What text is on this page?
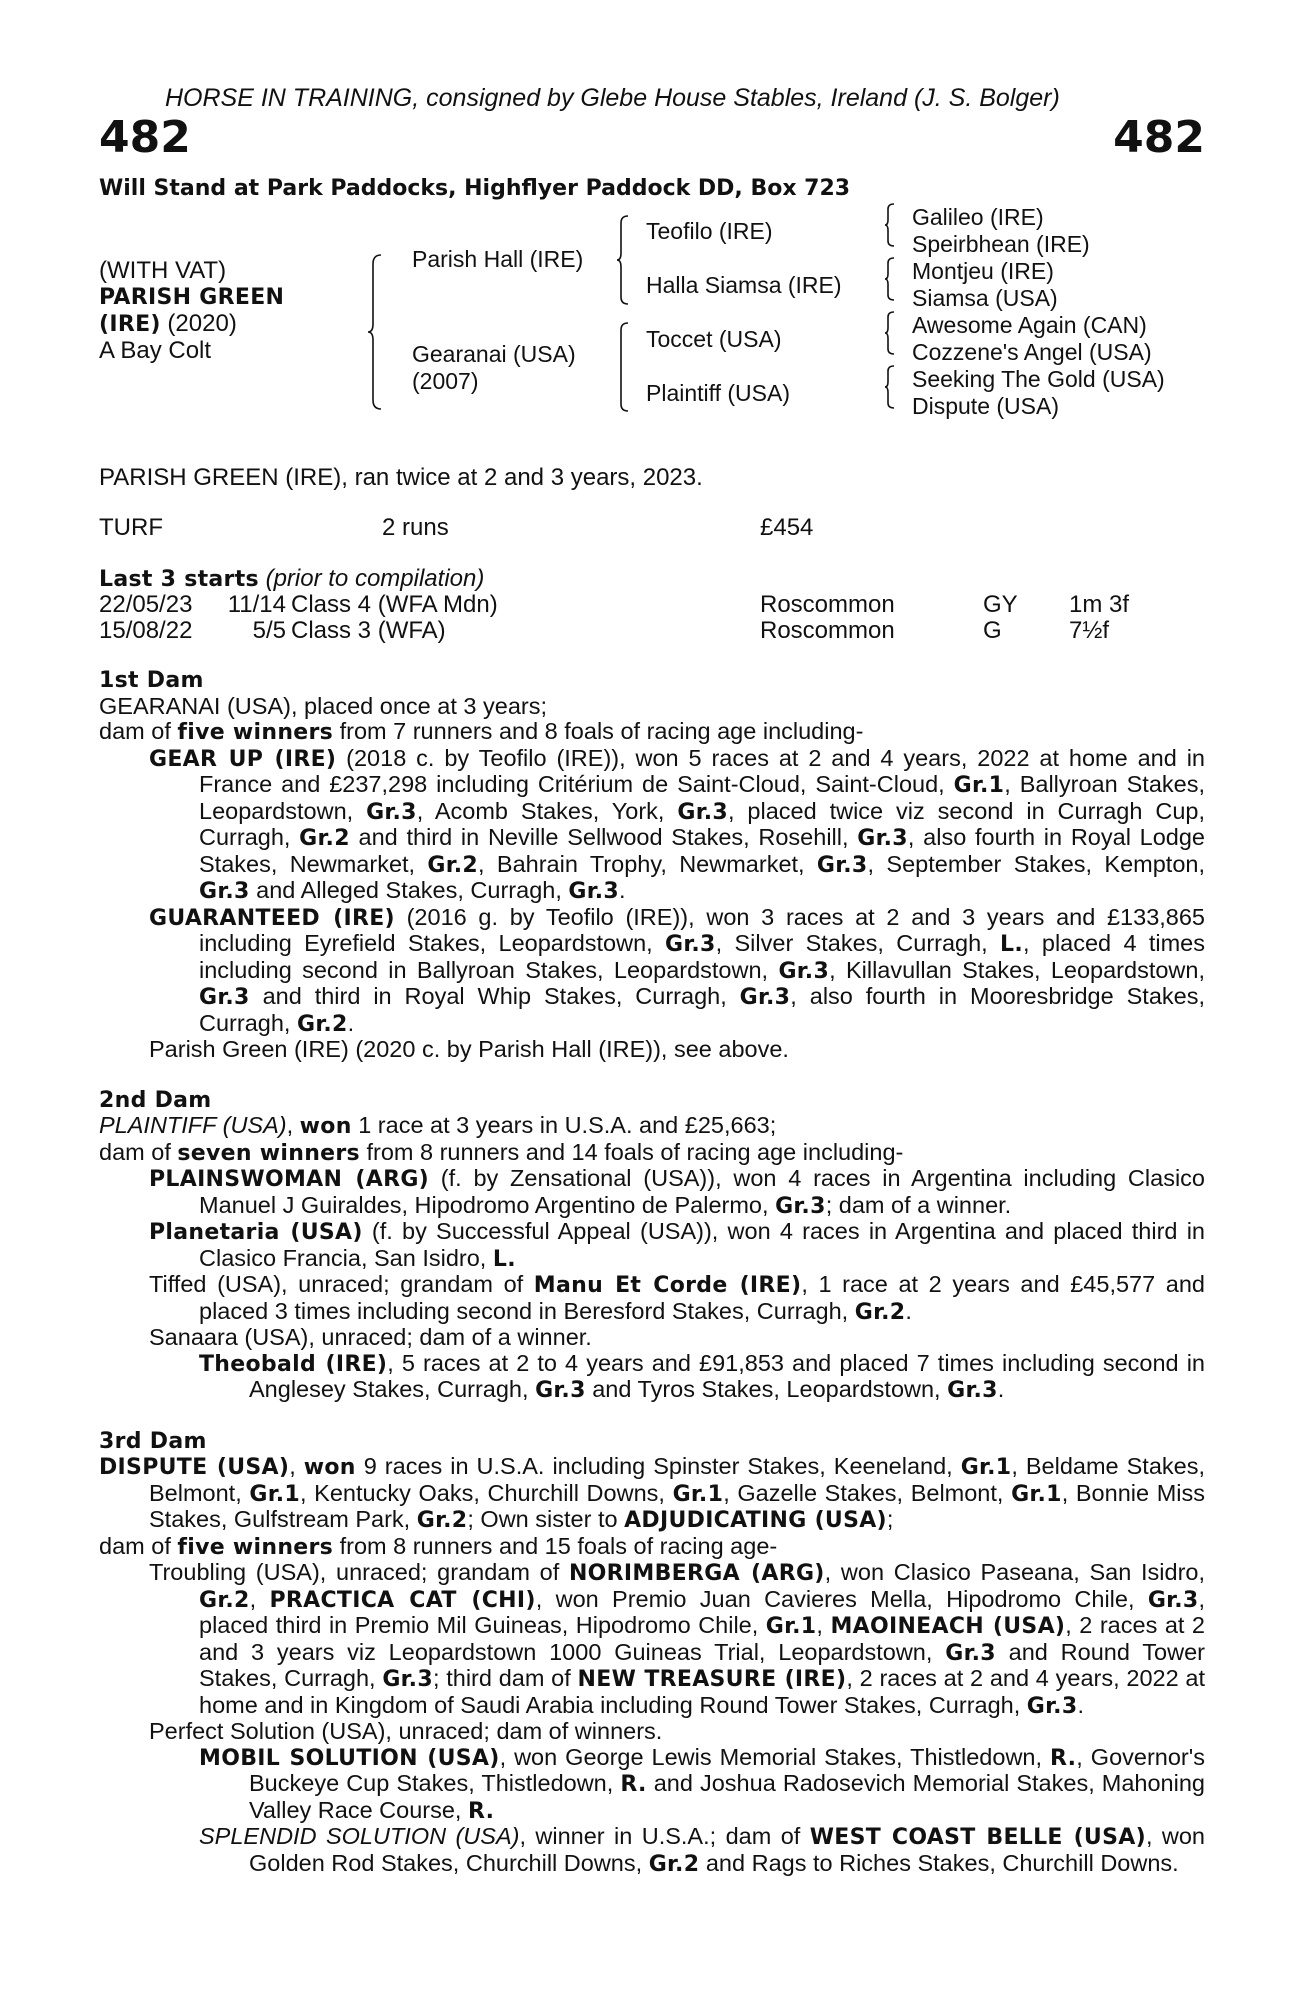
HORSE IN TRAINING, consigned by Glebe House Stables, Ireland (J. S. Bolger)
482	482
Will Stand at Park Paddocks, Highflyer Paddock DD, Box 723
(WITH VAT)
PARISH GREEN
(IRE) (2020)
A Bay Colt
Parish Hall (IRE)
Gearanai (USA)
(2007)
Teofilo (IRE)
Halla Siamsa (IRE)
Toccet (USA)
Plaintiff (USA)
Galileo (IRE)
Speirbhean (IRE)
Montjeu (IRE)
Siamsa (USA)
Awesome Again (CAN)
Cozzene's Angel (USA)
Seeking The Gold (USA)
Dispute (USA)
PARISH GREEN (IRE), ran twice at 2 and 3 years, 2023.
TURF	2 runs	£454
Last 3 starts (prior to compilation)
22/05/23 11/14 Class 4 (WFA Mdn)	Roscommon	GY 1m 3f
15/08/22	5/5 Class 3 (WFA)	Roscommon	G	7½f

1st Dam

GEARANAI (USA), placed once at 3 years;

dam of five winners from 7 runners and 8 foals of racing age including-

GEAR UP (IRE) (2018 c. by Teofilo (IRE)), won 5 races at 2 and 4 years, 2022 at home and in France and £237,298 including Critérium de Saint-Cloud, Saint-Cloud, Gr.1, Ballyroan Stakes, Leopardstown, Gr.3, Acomb Stakes, York, Gr.3, placed twice viz second in Curragh Cup, Curragh, Gr.2 and third in Neville Sellwood Stakes, Rosehill, Gr.3, also fourth in Royal Lodge Stakes, Newmarket, Gr.2, Bahrain Trophy, Newmarket, Gr.3, September Stakes, Kempton, Gr.3 and Alleged Stakes, Curragh, Gr.3.

GUARANTEED (IRE) (2016 g. by Teofilo (IRE)), won 3 races at 2 and 3 years and £133,865 including Eyrefield Stakes, Leopardstown, Gr.3, Silver Stakes, Curragh, L., placed 4 times including second in Ballyroan Stakes, Leopardstown, Gr.3, Killavullan Stakes, Leopardstown, Gr.3 and third in Royal Whip Stakes, Curragh, Gr.3, also fourth in Mooresbridge Stakes, Curragh, Gr.2.

Parish Green (IRE) (2020 c. by Parish Hall (IRE)), see above.

2nd Dam

PLAINTIFF (USA), won 1 race at 3 years in U.S.A. and £25,663;

dam of seven winners from 8 runners and 14 foals of racing age including-

PLAINSWOMAN (ARG) (f. by Zensational (USA)), won 4 races in Argentina including Clasico Manuel J Guiraldes, Hipodromo Argentino de Palermo, Gr.3; dam of a winner.

Planetaria (USA) (f. by Successful Appeal (USA)), won 4 races in Argentina and placed third in Clasico Francia, San Isidro, L.

Tiffed (USA), unraced; grandam of Manu Et Corde (IRE), 1 race at 2 years and £45,577 and placed 3 times including second in Beresford Stakes, Curragh, Gr.2.

Sanaara (USA), unraced; dam of a winner.

Theobald (IRE), 5 races at 2 to 4 years and £91,853 and placed 7 times including second in Anglesey Stakes, Curragh, Gr.3 and Tyros Stakes, Leopardstown, Gr.3.

3rd Dam

DISPUTE (USA), won 9 races in U.S.A. including Spinster Stakes, Keeneland, Gr.1, Beldame Stakes, Belmont, Gr.1, Kentucky Oaks, Churchill Downs, Gr.1, Gazelle Stakes, Belmont, Gr.1, Bonnie Miss Stakes, Gulfstream Park, Gr.2; Own sister to ADJUDICATING (USA);

dam of five winners from 8 runners and 15 foals of racing age-

Troubling (USA), unraced; grandam of NORIMBERGA (ARG), won Clasico Paseana, San Isidro, Gr.2, PRACTICA CAT (CHI), won Premio Juan Cavieres Mella, Hipodromo Chile, Gr.3, placed third in Premio Mil Guineas, Hipodromo Chile, Gr.1, MAOINEACH (USA), 2 races at 2 and 3 years viz Leopardstown 1000 Guineas Trial, Leopardstown, Gr.3 and Round Tower Stakes, Curragh, Gr.3; third dam of NEW TREASURE (IRE), 2 races at 2 and 4 years, 2022 at home and in Kingdom of Saudi Arabia including Round Tower Stakes, Curragh, Gr.3.

Perfect Solution (USA), unraced; dam of winners.

MOBIL SOLUTION (USA), won George Lewis Memorial Stakes, Thistledown, R., Governor's Buckeye Cup Stakes, Thistledown, R. and Joshua Radosevich Memorial Stakes, Mahoning Valley Race Course, R.

SPLENDID SOLUTION (USA), winner in U.S.A.; dam of WEST COAST BELLE (USA), won Golden Rod Stakes, Churchill Downs, Gr.2 and Rags to Riches Stakes, Churchill Downs.
